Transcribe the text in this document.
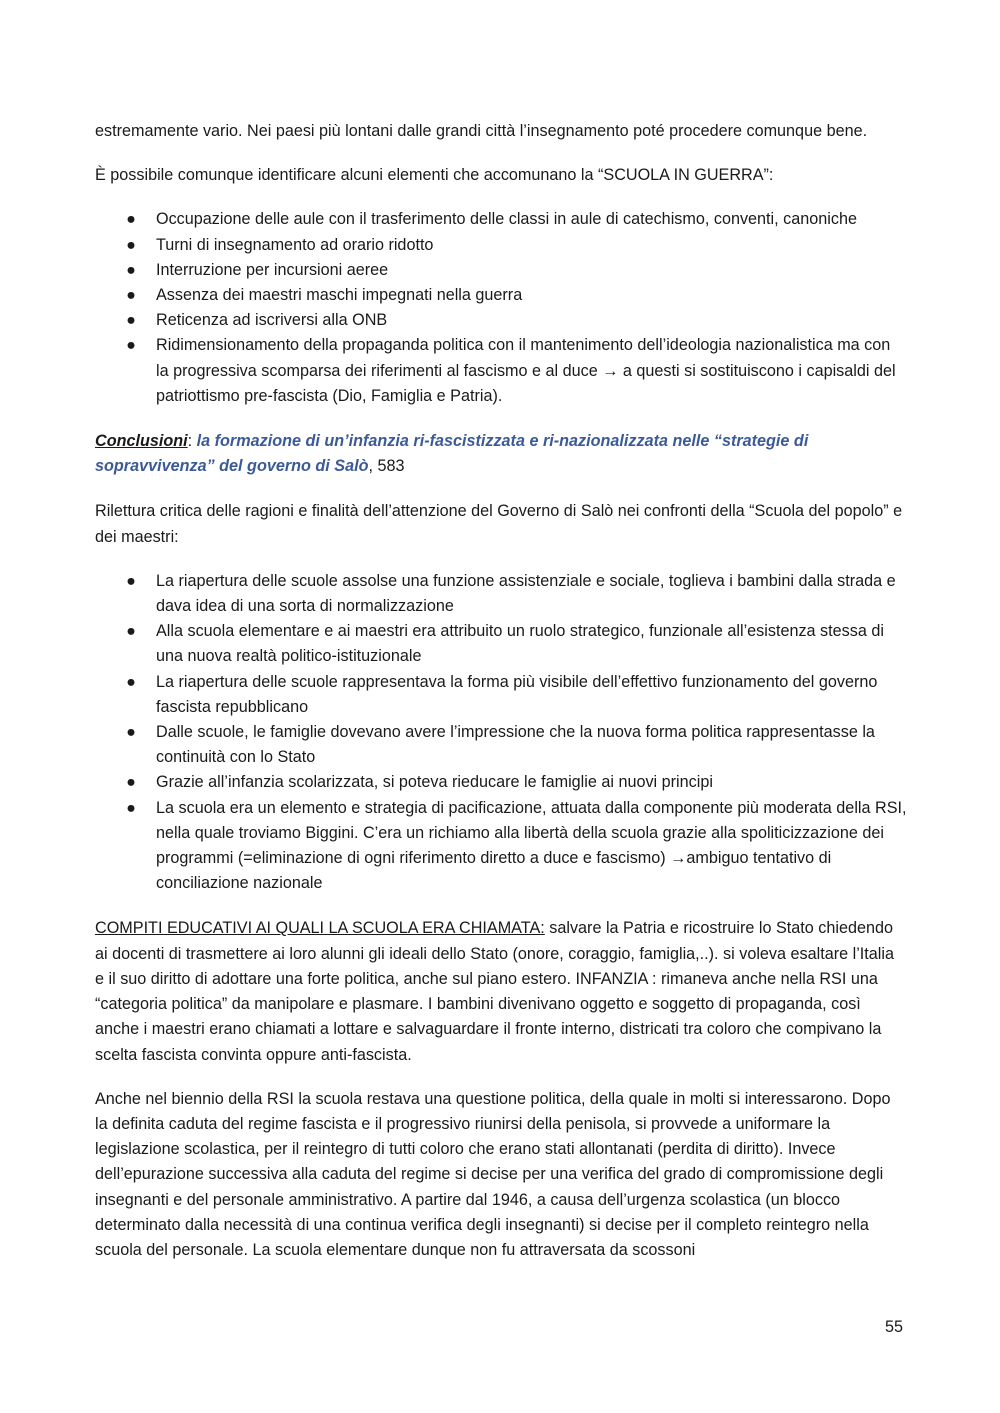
estremamente vario. Nei paesi più lontani dalle grandi città l’insegnamento poté procedere comunque bene.

È possibile comunque identificare alcuni elementi che accomunano la “SCUOLA IN GUERRA”:

● Occupazione delle aule con il trasferimento delle classi in aule di catechismo, conventi, canoniche
● Turni di insegnamento ad orario ridotto
● Interruzione per incursioni aeree
● Assenza dei maestri maschi impegnati nella guerra
● Reticenza ad iscriversi alla ONB
● Ridimensionamento della propaganda politica con il mantenimento dell’ideologia nazionalistica ma con la progressiva scomparsa dei riferimenti al fascismo e al duce → a questi si sostituiscono i capisaldi del patriottismo pre-fascista (Dio, Famiglia e Patria).

Conclusioni: la formazione di un’infanzia ri-fascistizzata e ri-nazionalizzata nelle “strategie di sopravvivenza” del governo di Salò, 583

Rilettura critica delle ragioni e finalità dell’attenzione del Governo di Salò nei confronti della “Scuola del popolo” e dei maestri:

● La riapertura delle scuole assolse una funzione assistenziale e sociale, toglieva i bambini dalla strada e dava idea di una sorta di normalizzazione
● Alla scuola elementare e ai maestri era attribuito un ruolo strategico, funzionale all’esistenza stessa di una nuova realtà politico-istituzionale
● La riapertura delle scuole rappresentava la forma più visibile dell’effettivo funzionamento del governo fascista repubblicano
● Dalle scuole, le famiglie dovevano avere l’impressione che la nuova forma politica rappresentasse la continuità con lo Stato
● Grazie all’infanzia scolarizzata, si poteva rieducare le famiglie ai nuovi principi
● La scuola era un elemento e strategia di pacificazione, attuata dalla componente più moderata della RSI, nella quale troviamo Biggini. C’era un richiamo alla libertà della scuola grazie alla spoliticizzazione dei programmi (=eliminazione di ogni riferimento diretto a duce e fascismo) →ambiguo tentativo di conciliazione nazionale

COMPITI EDUCATIVI AI QUALI LA SCUOLA ERA CHIAMATA: salvare la Patria e ricostruire lo Stato chiedendo ai docenti di trasmettere ai loro alunni gli ideali dello Stato (onore, coraggio, famiglia,..). si voleva esaltare l’Italia e il suo diritto di adottare una forte politica, anche sul piano estero. INFANZIA : rimaneva anche nella RSI una “categoria politica” da manipolare e plasmare. I bambini divenivano oggetto e soggetto di propaganda, così anche i maestri erano chiamati a lottare e salvaguardare il fronte interno, districati tra coloro che compivano la scelta fascista convinta oppure anti-fascista.

Anche nel biennio della RSI la scuola restava una questione politica, della quale in molti si interessarono. Dopo la definita caduta del regime fascista e il progressivo riunirsi della penisola, si provvede a uniformare la legislazione scolastica, per il reintegro di tutti coloro che erano stati allontanati (perdita di diritto). Invece dell’epurazione successiva alla caduta del regime si decise per una verifica del grado di compromissione degli insegnanti e del personale amministrativo. A partire dal 1946, a causa dell’urgenza scolastica (un blocco determinato dalla necessità di una continua verifica degli insegnanti) si decise per il completo reintegro nella scuola del personale. La scuola elementare dunque non fu attraversata da scossoni

55
